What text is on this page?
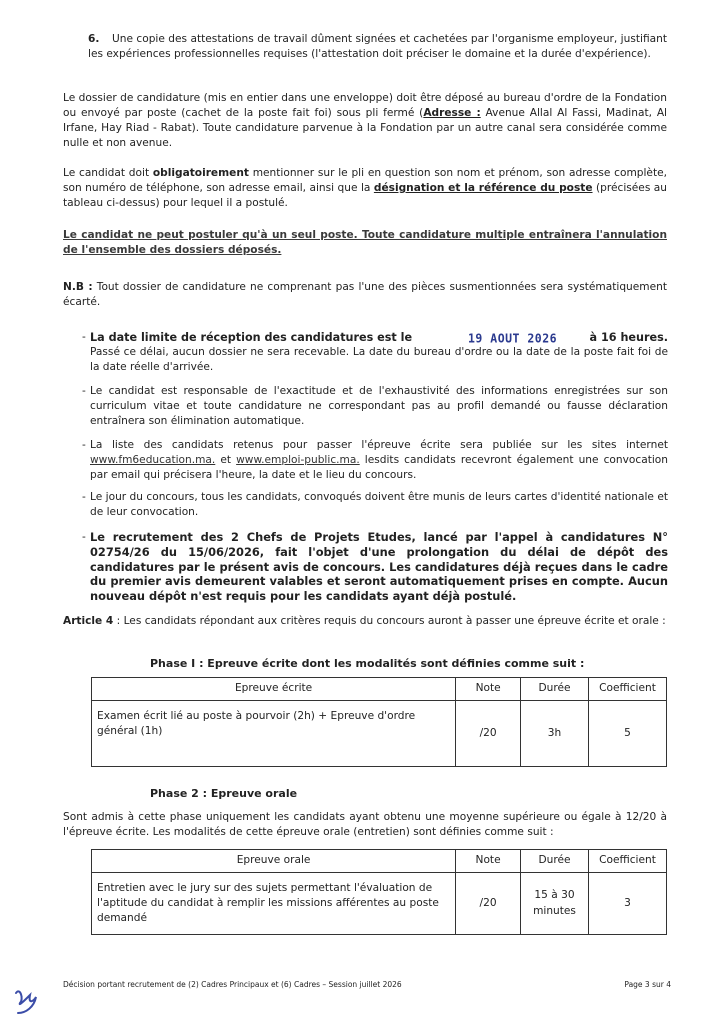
6.	Une copie des attestations de travail dûment signées et cachetées par l'organisme employeur, justifiant les expériences professionnelles requises (l'attestation doit préciser le domaine et la durée d'expérience).

Le dossier de candidature (mis en entier dans une enveloppe) doit être déposé au bureau d'ordre de la Fondation ou envoyé par poste (cachet de la poste fait foi) sous pli fermé (Adresse : Avenue Allal Al Fassi, Madinat, Al Irfane, Hay Riad - Rabat). Toute candidature parvenue à la Fondation par un autre canal sera considérée comme nulle et non avenue.

Le candidat doit obligatoirement mentionner sur le pli en question son nom et prénom, son adresse complète, son numéro de téléphone, son adresse email, ainsi que la désignation et la référence du poste (précisées au tableau ci-dessus) pour lequel il a postulé.

Le candidat ne peut postuler qu'à un seul poste. Toute candidature multiple entraînera l'annulation de l'ensemble des dossiers déposés.

N.B : Tout dossier de candidature ne comprenant pas l'une des pièces susmentionnées sera systématiquement écarté.

- La date limite de réception des candidatures est le	19 AOUT 2026	à 16 heures.

Passé ce délai, aucun dossier ne sera recevable. La date du bureau d'ordre ou la date de la poste fait foi de la date réelle d'arrivée.

- Le candidat est responsable de l'exactitude et de l'exhaustivité des informations enregistrées sur son curriculum vitae et toute candidature ne correspondant pas au profil demandé ou fausse déclaration entraînera son élimination automatique.

- La liste des candidats retenus pour passer l'épreuve écrite sera publiée sur les sites internet www.fm6education.ma. et www.emploi-public.ma. lesdits candidats recevront également une convocation par email qui précisera l'heure, la date et le lieu du concours.

- Le jour du concours, tous les candidats, convoqués doivent être munis de leurs cartes d'identité nationale et de leur convocation.

- Le recrutement des 2 Chefs de Projets Etudes, lancé par l'appel à candidatures N° 02754/26 du 15/06/2026, fait l'objet d'une prolongation du délai de dépôt des candidatures par le présent avis de concours. Les candidatures déjà reçues dans le cadre du premier avis demeurent valables et seront automatiquement prises en compte. Aucun nouveau dépôt n'est requis pour les candidats ayant déjà postulé.

Article 4 : Les candidats répondant aux critères requis du concours auront à passer une épreuve écrite et orale :

Phase I : Epreuve écrite dont les modalités sont définies comme suit :
Epreuve écrite	Note	Durée	Coefficient
Examen écrit lié au poste à pourvoir (2h) + Epreuve d'ordre général (1h)	/20	3h	5
Phase 2 : Epreuve orale

Sont admis à cette phase uniquement les candidats ayant obtenu une moyenne supérieure ou égale à 12/20 à l'épreuve écrite. Les modalités de cette épreuve orale (entretien) sont définies comme suit :

Epreuve orale	Note	Durée	Coefficient
Entretien avec le jury sur des sujets permettant l'évaluation de l'aptitude du candidat à remplir les missions afférentes au poste demandé	/20	15 à 30 minutes	3
Décision portant recrutement de (2) Cadres Principaux et (6) Cadres – Session juillet 2026	Page 3 sur 4
